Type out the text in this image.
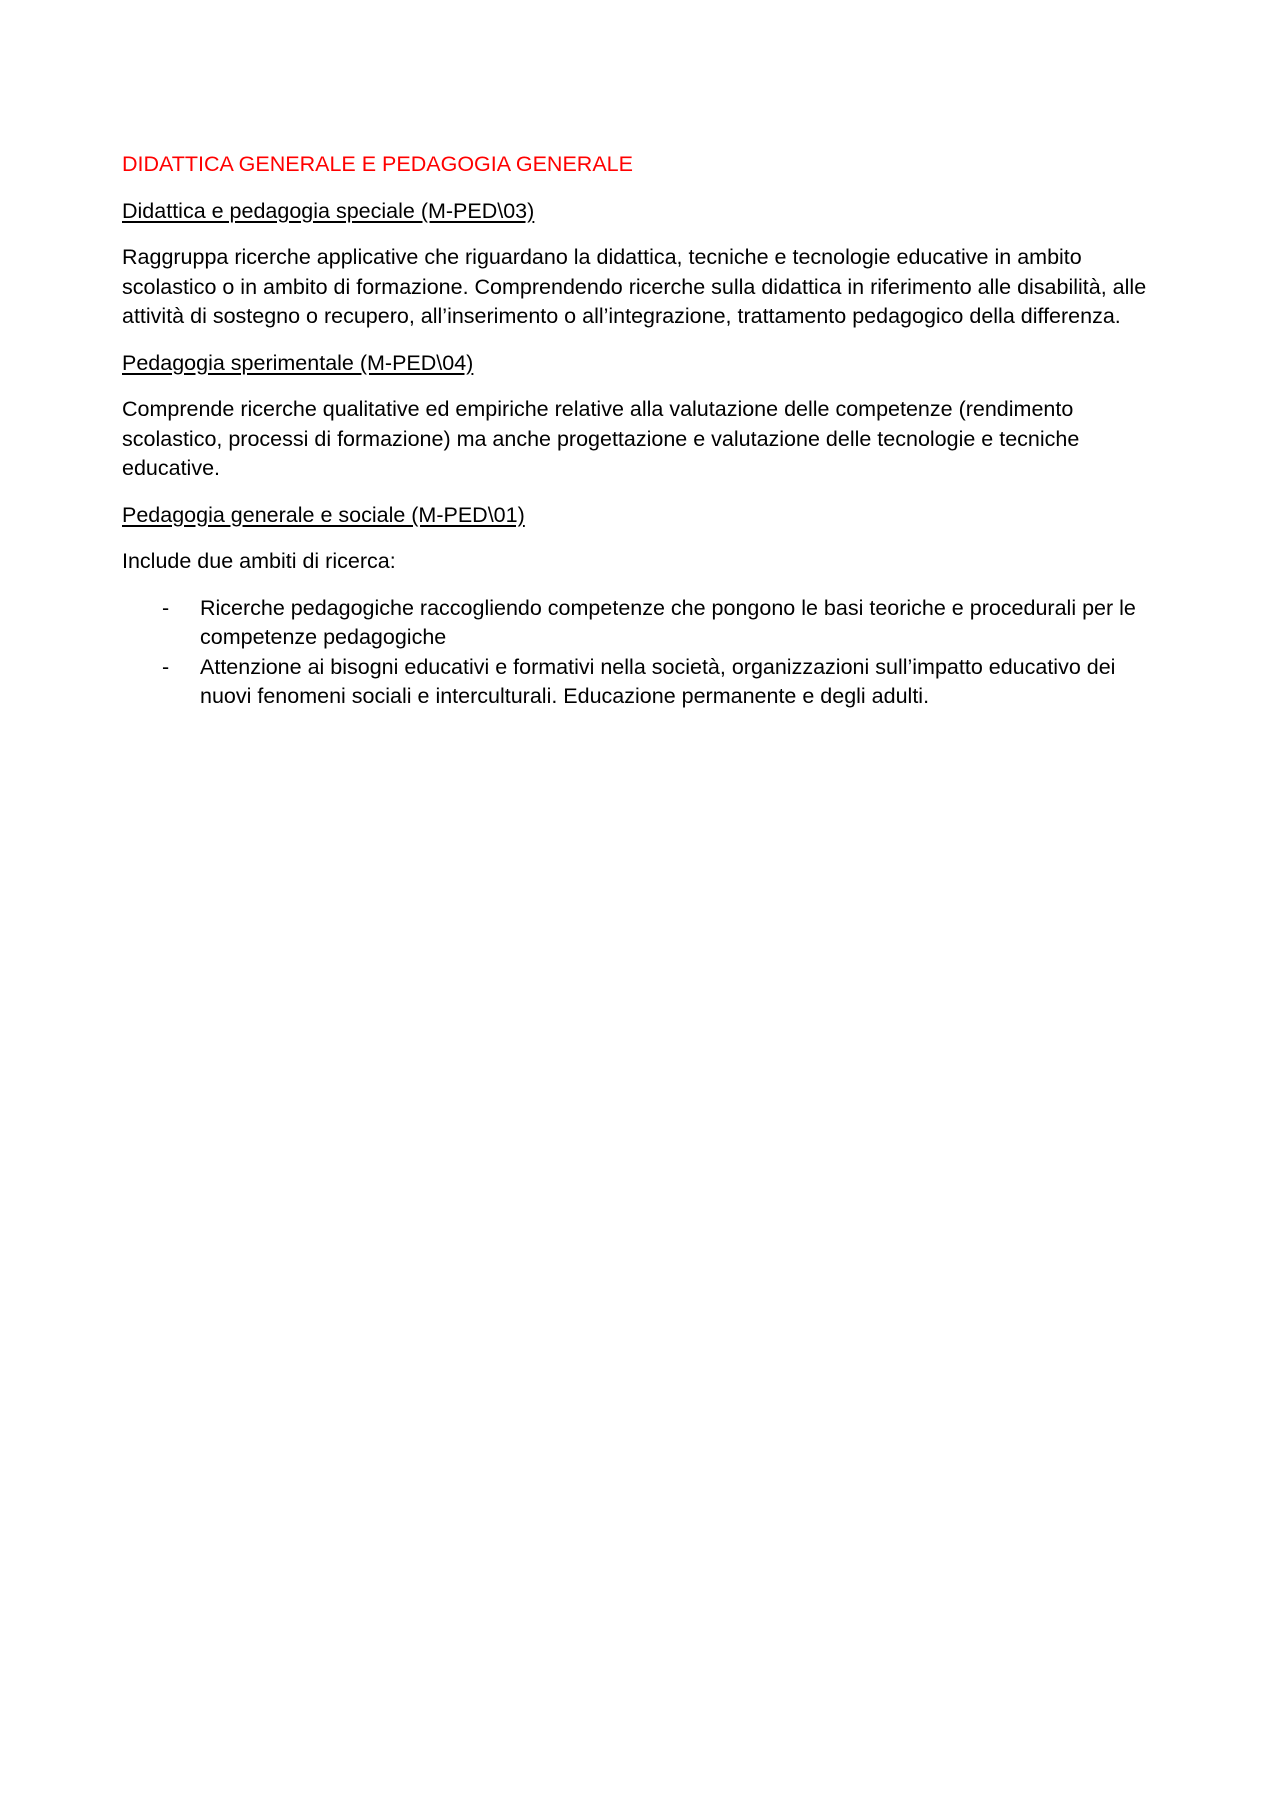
DIDATTICA GENERALE E PEDAGOGIA GENERALE
Didattica e pedagogia speciale (M-PED\03)
Raggruppa ricerche applicative che riguardano la didattica, tecniche e tecnologie educative in ambito scolastico o in ambito di formazione. Comprendendo ricerche sulla didattica in riferimento alle disabilità, alle attività di sostegno o recupero, all’inserimento o all’integrazione, trattamento pedagogico della differenza.
Pedagogia sperimentale (M-PED\04)
Comprende ricerche qualitative ed empiriche relative alla valutazione delle competenze (rendimento scolastico, processi di formazione) ma anche progettazione e valutazione delle tecnologie e tecniche educative.
Pedagogia generale e sociale (M-PED\01)
Include due ambiti di ricerca:
- Ricerche pedagogiche raccogliendo competenze che pongono le basi teoriche e procedurali per le competenze pedagogiche
- Attenzione ai bisogni educativi e formativi nella società, organizzazioni sull’impatto educativo dei nuovi fenomeni sociali e interculturali. Educazione permanente e degli adulti.
